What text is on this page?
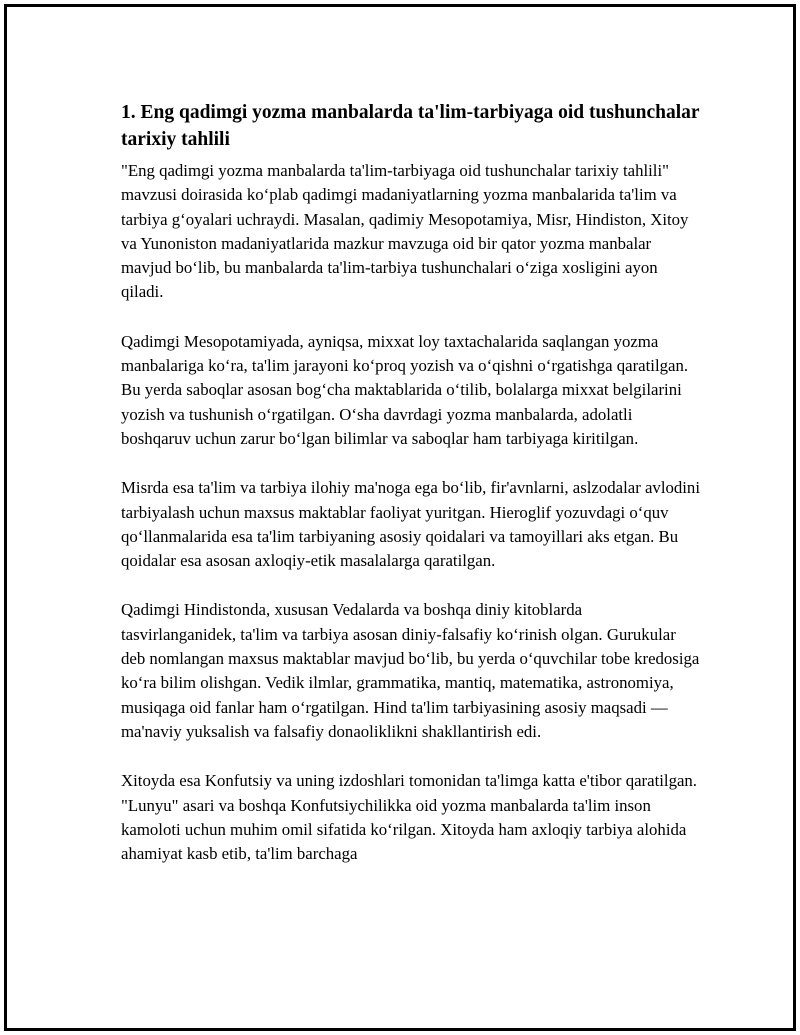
1. Eng qadimgi yozma manbalarda ta'lim-tarbiyaga oid tushunchalar tarixiy tahlili

"Eng qadimgi yozma manbalarda ta'lim-tarbiyaga oid tushunchalar tarixiy tahlili" mavzusi doirasida ko‘plab qadimgi madaniyatlarning yozma manbalarida ta'lim va tarbiya g‘oyalari uchraydi. Masalan, qadimiy Mesopotamiya, Misr, Hindiston, Xitoy va Yunoniston madaniyatlarida mazkur mavzuga oid bir qator yozma manbalar mavjud bo‘lib, bu manbalarda ta'lim-tarbiya tushunchalari o‘ziga xosligini ayon qiladi.

Qadimgi Mesopotamiyada, ayniqsa, mixxat loy taxtachalarida saqlangan yozma manbalariga ko‘ra, ta'lim jarayoni ko‘proq yozish va o‘qishni o‘rgatishga qaratilgan. Bu yerda saboqlar asosan bog‘cha maktablarida o‘tilib, bolalarga mixxat belgilarini yozish va tushunish o‘rgatilgan. O‘sha davrdagi yozma manbalarda, adolatli boshqaruv uchun zarur bo‘lgan bilimlar va saboqlar ham tarbiyaga kiritilgan.

Misrda esa ta'lim va tarbiya ilohiy ma'noga ega bo‘lib, fir'avnlarni, aslzodalar avlodini tarbiyalash uchun maxsus maktablar faoliyat yuritgan. Hieroglif yozuvdagi o‘quv qo‘llanmalarida esa ta'lim tarbiyaning asosiy qoidalari va tamoyillari aks etgan. Bu qoidalar esa asosan axloqiy-etik masalalarga qaratilgan.

Qadimgi Hindistonda, xususan Vedalarda va boshqa diniy kitoblarda tasvirlanganidek, ta'lim va tarbiya asosan diniy-falsafiy ko‘rinish olgan. Gurukular deb nomlangan maxsus maktablar mavjud bo‘lib, bu yerda o‘quvchilar tobe kredosiga ko‘ra bilim olishgan. Vedik ilmlar, grammatika, mantiq, matematika, astronomiya, musiqaga oid fanlar ham o‘rgatilgan. Hind ta'lim tarbiyasining asosiy maqsadi — ma'naviy yuksalish va falsafiy donaoliklikni shakllantirish edi.

Xitoyda esa Konfutsiy va uning izdoshlari tomonidan ta'limga katta e'tibor qaratilgan. "Lunyu" asari va boshqa Konfutsiychilikka oid yozma manbalarda ta'lim inson kamoloti uchun muhim omil sifatida ko‘rilgan. Xitoyda ham axloqiy tarbiya alohida ahamiyat kasb etib, ta'lim barchaga
